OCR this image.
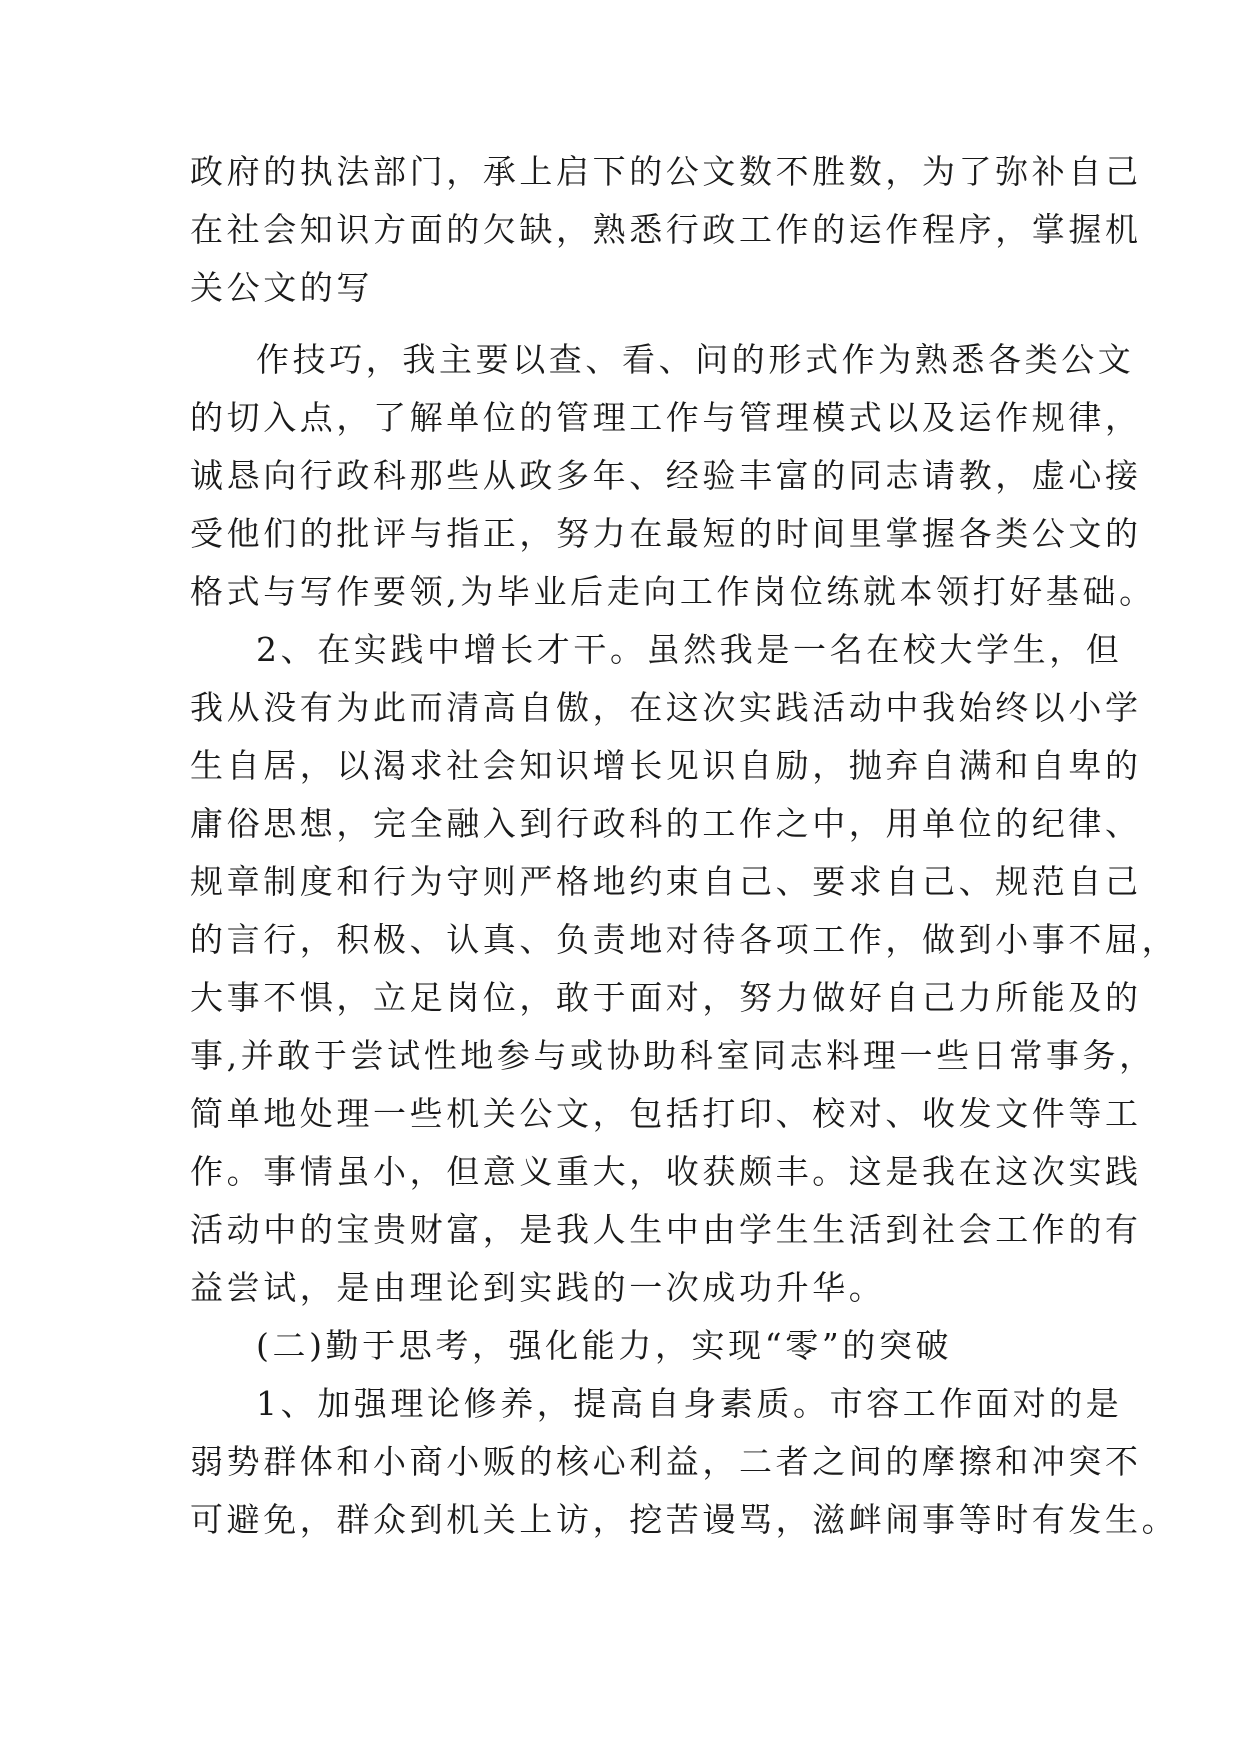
政府的执法部门，承上启下的公文数不胜数，为了弥补自己
在社会知识方面的欠缺，熟悉行政工作的运作程序，掌握机
关公文的写
作技巧，我主要以查、看、问的形式作为熟悉各类公文
的切入点，了解单位的管理工作与管理模式以及运作规律，
诚恳向行政科那些从政多年、经验丰富的同志请教，虚心接
受他们的批评与指正，努力在最短的时间里掌握各类公文的
格式与写作要领,为毕业后走向工作岗位练就本领打好基础。
2、在实践中增长才干。虽然我是一名在校大学生，但
我从没有为此而清高自傲，在这次实践活动中我始终以小学
生自居，以渴求社会知识增长见识自励，抛弃自满和自卑的
庸俗思想，完全融入到行政科的工作之中，用单位的纪律、
规章制度和行为守则严格地约束自己、要求自己、规范自己
的言行，积极、认真、负责地对待各项工作，做到小事不屈，
大事不惧，立足岗位，敢于面对，努力做好自己力所能及的
事,并敢于尝试性地参与或协助科室同志料理一些日常事务，
简单地处理一些机关公文，包括打印、校对、收发文件等工
作。事情虽小，但意义重大，收获颇丰。这是我在这次实践
活动中的宝贵财富，是我人生中由学生生活到社会工作的有
益尝试，是由理论到实践的一次成功升华。
(二)勤于思考，强化能力，实现“零”的突破
1、加强理论修养，提高自身素质。市容工作面对的是
弱势群体和小商小贩的核心利益，二者之间的摩擦和冲突不
可避免，群众到机关上访，挖苦谩骂，滋衅闹事等时有发生。
